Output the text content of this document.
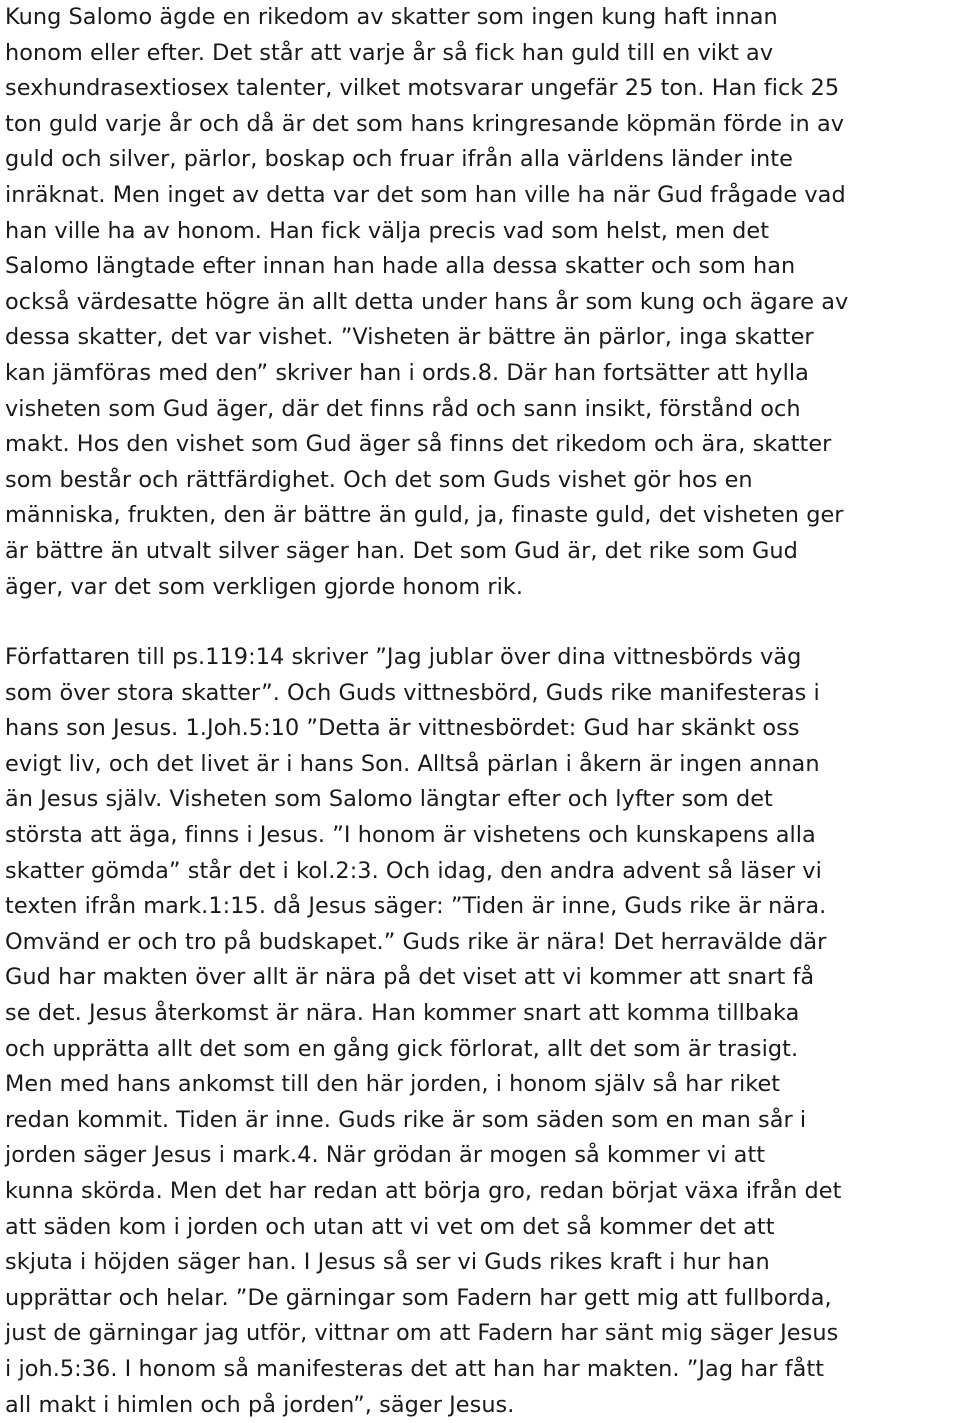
Kung Salomo ägde en rikedom av skatter som ingen kung haft innan
honom eller efter. Det står att varje år så fick han guld till en vikt av
sexhundrasextiosex talenter, vilket motsvarar ungefär 25 ton. Han fick 25
ton guld varje år och då är det som hans kringresande köpmän förde in av
guld och silver, pärlor, boskap och fruar ifrån alla världens länder inte
inräknat. Men inget av detta var det som han ville ha när Gud frågade vad
han ville ha av honom. Han fick välja precis vad som helst, men det
Salomo längtade efter innan han hade alla dessa skatter och som han
också värdesatte högre än allt detta under hans år som kung och ägare av
dessa skatter, det var vishet. ”Visheten är bättre än pärlor, inga skatter
kan jämföras med den” skriver han i ords.8. Där han fortsätter att hylla
visheten som Gud äger, där det finns råd och sann insikt, förstånd och
makt. Hos den vishet som Gud äger så finns det rikedom och ära, skatter
som består och rättfärdighet. Och det som Guds vishet gör hos en
människa, frukten, den är bättre än guld, ja, finaste guld, det visheten ger
är bättre än utvalt silver säger han. Det som Gud är, det rike som Gud
äger, var det som verkligen gjorde honom rik.

Författaren till ps.119:14 skriver ”Jag jublar över dina vittnesbörds väg
som över stora skatter”. Och Guds vittnesbörd, Guds rike manifesteras i
hans son Jesus. 1.Joh.5:10 ”Detta är vittnesbördet: Gud har skänkt oss
evigt liv, och det livet är i hans Son. Alltså pärlan i åkern är ingen annan
än Jesus själv. Visheten som Salomo längtar efter och lyfter som det
största att äga, finns i Jesus. ”I honom är vishetens och kunskapens alla
skatter gömda” står det i kol.2:3. Och idag, den andra advent så läser vi
texten ifrån mark.1:15. då Jesus säger: ”Tiden är inne, Guds rike är nära.
Omvänd er och tro på budskapet.” Guds rike är nära! Det herravälde där
Gud har makten över allt är nära på det viset att vi kommer att snart få
se det. Jesus återkomst är nära. Han kommer snart att komma tillbaka
och upprätta allt det som en gång gick förlorat, allt det som är trasigt.
Men med hans ankomst till den här jorden, i honom själv så har riket
redan kommit. Tiden är inne. Guds rike är som säden som en man sår i
jorden säger Jesus i mark.4. När grödan är mogen så kommer vi att
kunna skörda. Men det har redan att börja gro, redan börjat växa ifrån det
att säden kom i jorden och utan att vi vet om det så kommer det att
skjuta i höjden säger han. I Jesus så ser vi Guds rikes kraft i hur han
upprättar och helar. ”De gärningar som Fadern har gett mig att fullborda,
just de gärningar jag utför, vittnar om att Fadern har sänt mig säger Jesus
i joh.5:36. I honom så manifesteras det att han har makten. ”Jag har fått
all makt i himlen och på jorden”, säger Jesus.
